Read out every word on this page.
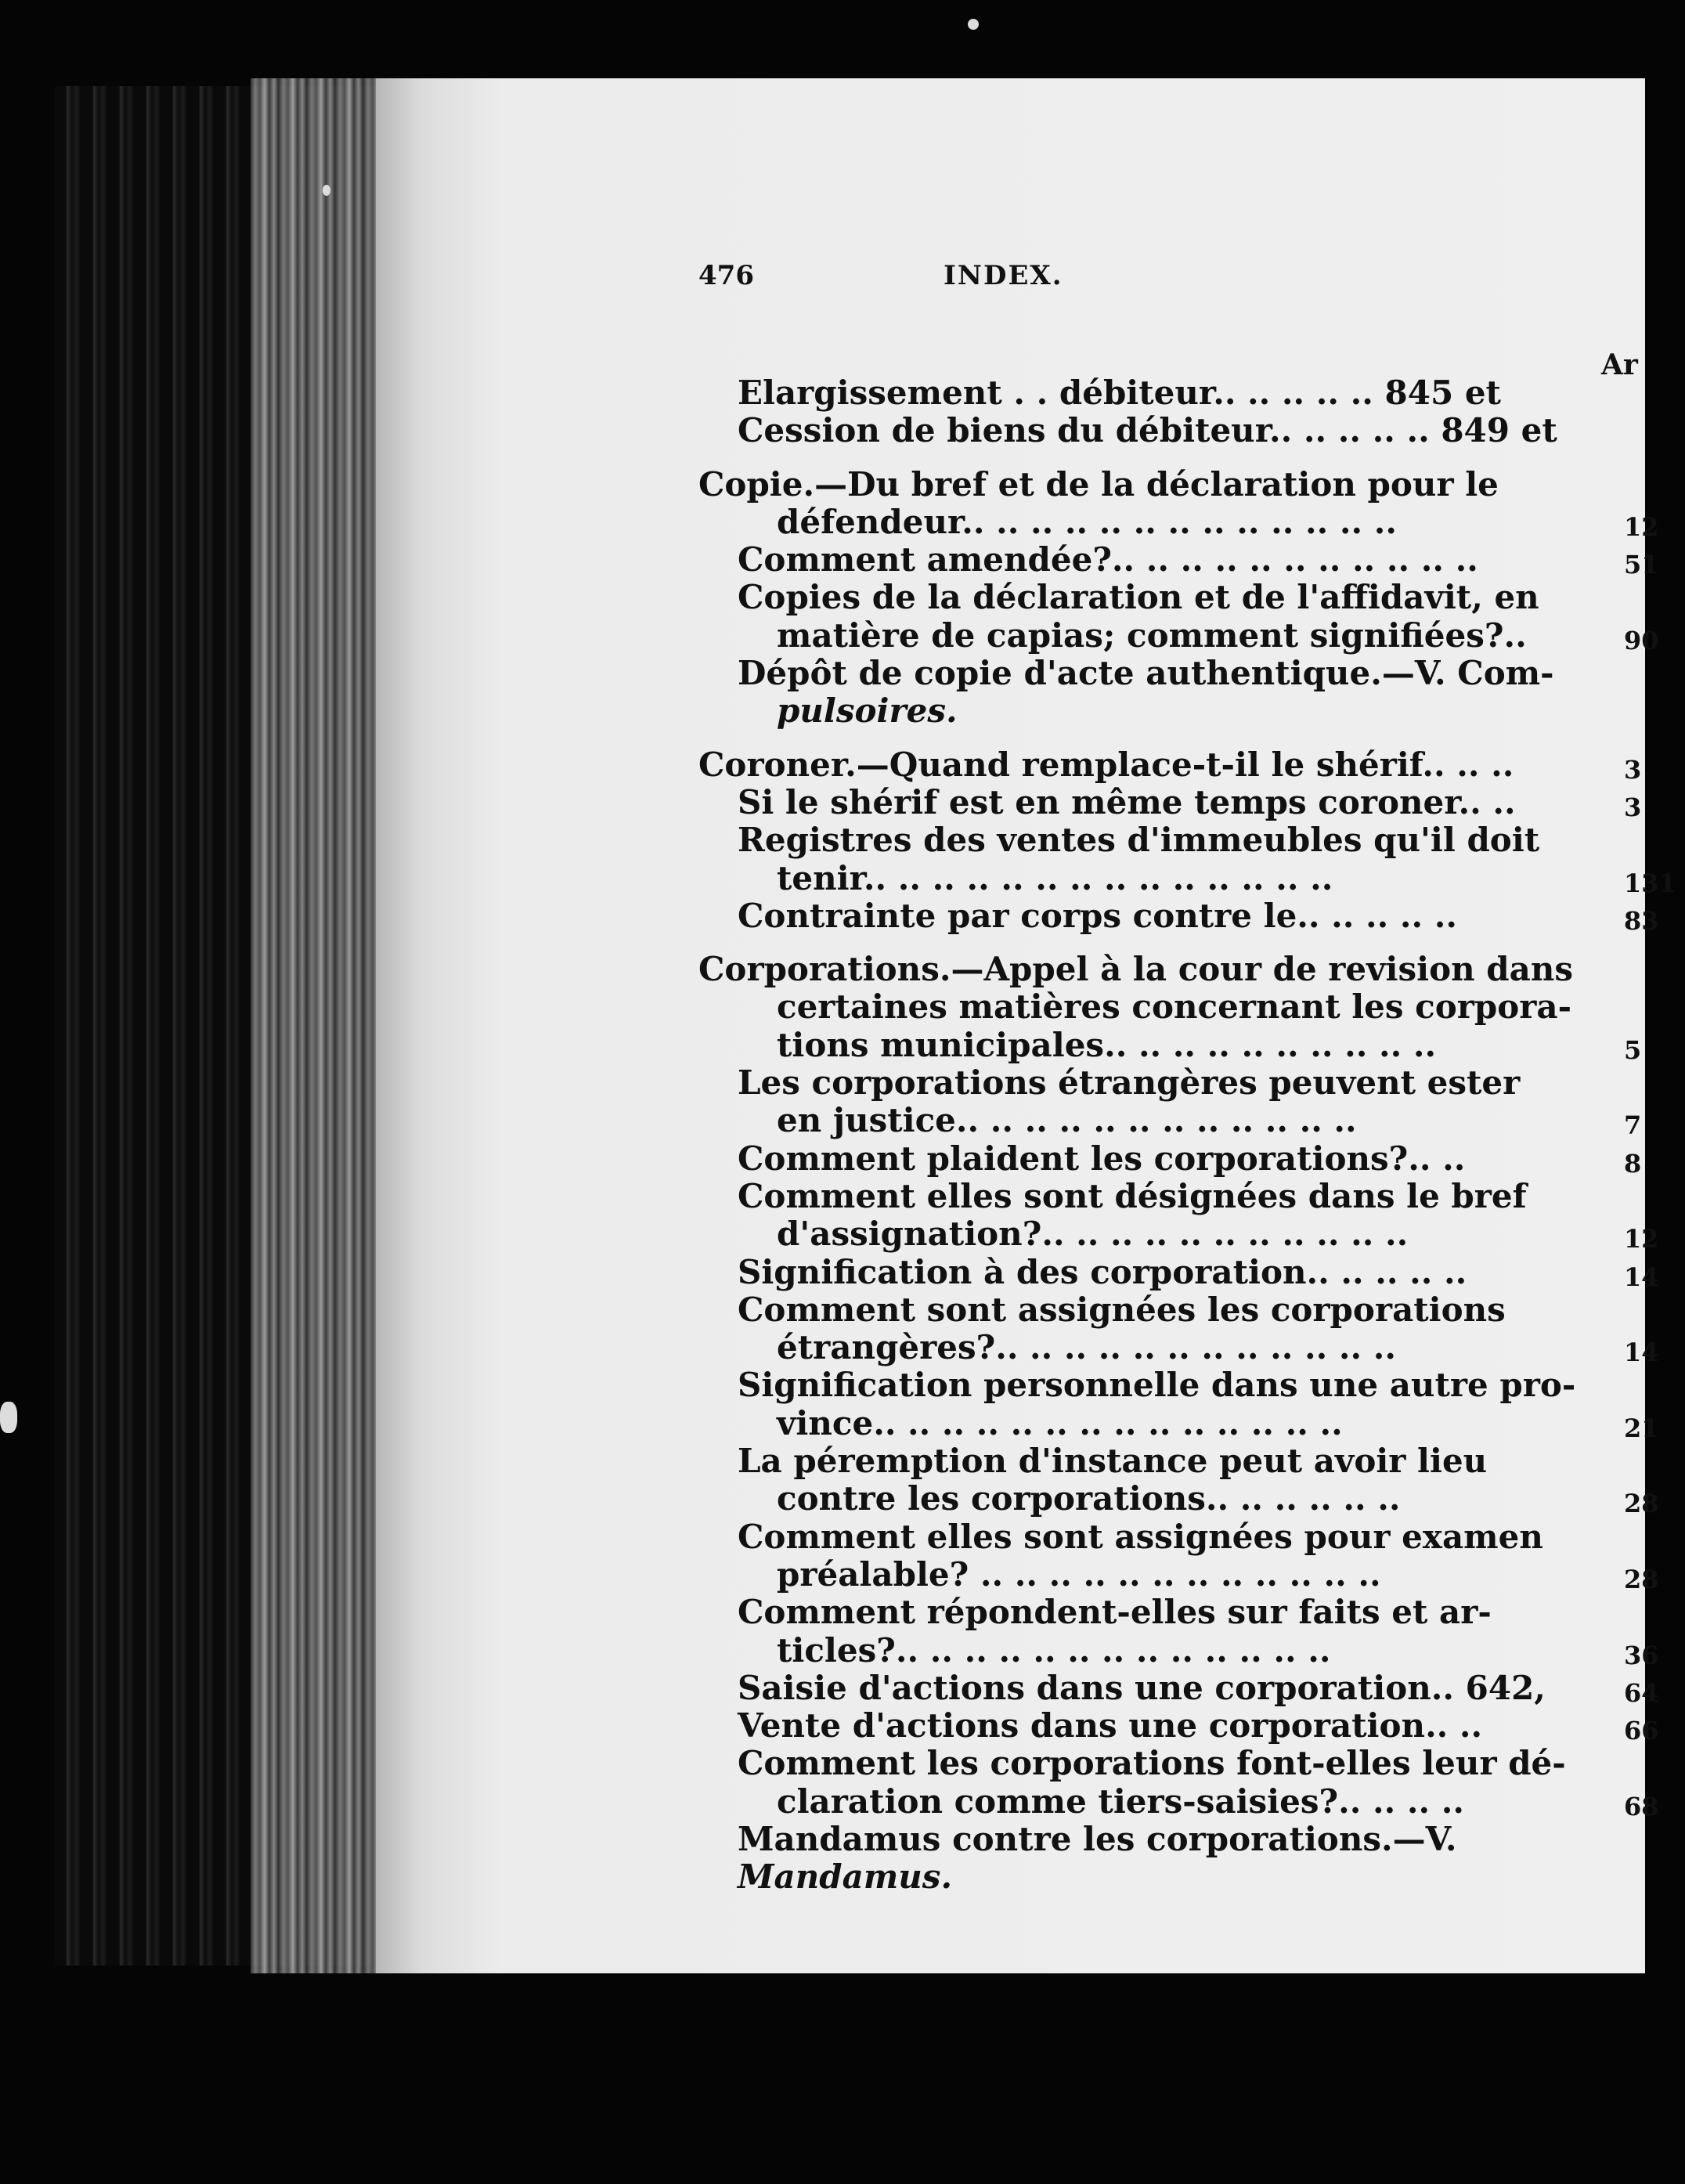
476	INDEX.
Ar
Elargissement . . débiteur.. .. .. .. .. 845 et
Cession de biens du débiteur.. .. .. .. .. 849 et
Copie.—Du bref et de la déclaration pour le
défendeur.. .. .. .. .. .. .. .. .. .. .. .. ..	12
Comment amendée?.. .. .. .. .. .. .. .. .. .. ..	51
Copies de la déclaration et de l'affidavit, en
matière de capias; comment signifiées?..	90
Dépôt de copie d'acte authentique.—V. Com-
pulsoires.
Coroner.—Quand remplace-t-il le shérif.. .. ..	3
Si le shérif est en même temps coroner.. ..	3
Registres des ventes d'immeubles qu'il doit
tenir.. .. .. .. .. .. .. .. .. .. .. .. .. ..	131
Contrainte par corps contre le.. .. .. .. ..	83
Corporations.—Appel à la cour de revision dans
certaines matières concernant les corpora-
tions municipales.. .. .. .. .. .. .. .. .. ..	5
Les corporations étrangères peuvent ester
en justice.. .. .. .. .. .. .. .. .. .. .. ..	7
Comment plaident les corporations?.. ..	8
Comment elles sont désignées dans le bref
d'assignation?.. .. .. .. .. .. .. .. .. .. ..	12
Signification à des corporation.. .. .. .. ..	14
Comment sont assignées les corporations
étrangères?.. .. .. .. .. .. .. .. .. .. .. ..	14
Signification personnelle dans une autre pro-
vince.. .. .. .. .. .. .. .. .. .. .. .. .. ..	21
La péremption d'instance peut avoir lieu
contre les corporations.. .. .. .. .. ..	28
Comment elles sont assignées pour examen
préalable? .. .. .. .. .. .. .. .. .. .. .. ..	28
Comment répondent-elles sur faits et ar-
ticles?.. .. .. .. .. .. .. .. .. .. .. .. ..	36
Saisie d'actions dans une corporation.. 642,	64
Vente d'actions dans une corporation.. ..	66
Comment les corporations font-elles leur dé-
claration comme tiers-saisies?.. .. .. ..	68
Mandamus contre les corporations.—V.
Mandamus.
